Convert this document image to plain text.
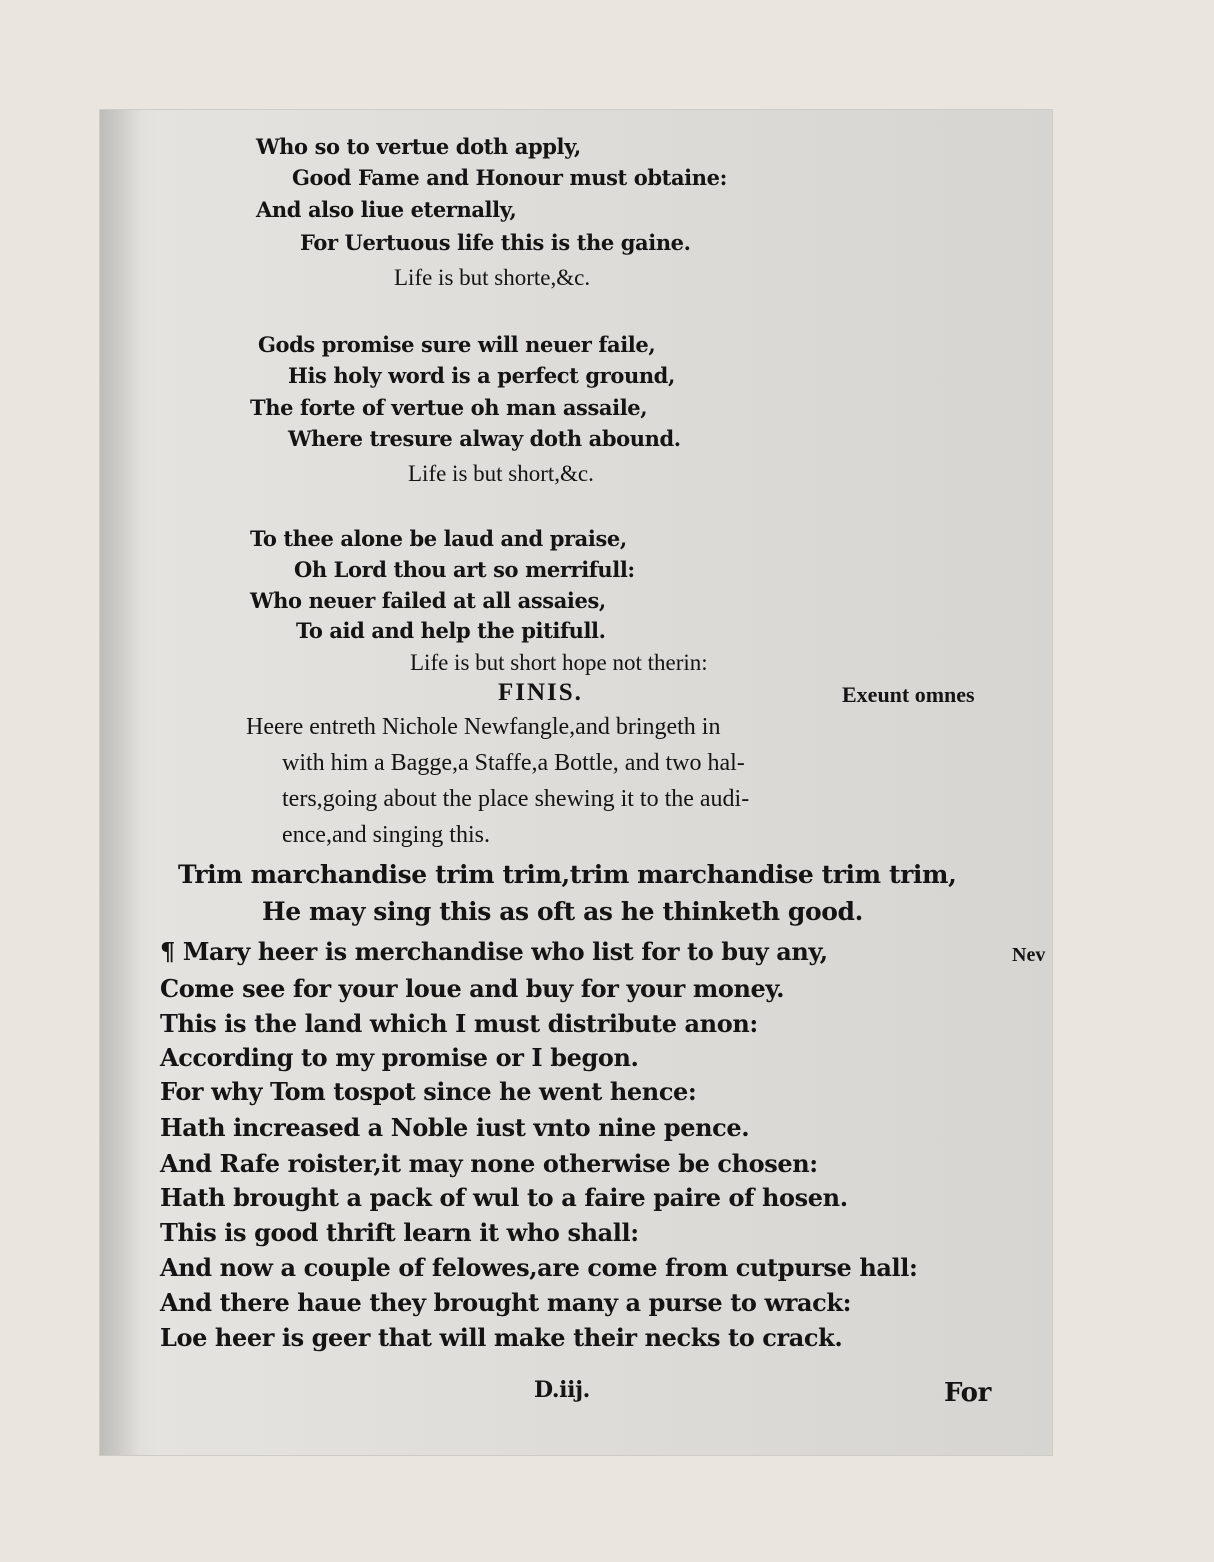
Who so to vertue doth apply,
Good Fame and Honour must obtaine:
And also liue eternally,
For Uertuous life this is the gaine.
Life is but shorte,&c.
Gods promise sure will neuer faile,
His holy word is a perfect ground,
The forte of vertue oh man assaile,
Where tresure alway doth abound.
Life is but short,&c.
To thee alone be laud and praise,
Oh Lord thou art so merrifull:
Who neuer failed at all assaies,
To aid and help the pitifull.
Life is but short hope not therin:
FINIS.	Exeunt omnes
Heere entreth Nichole Newfangle,and bringeth in
with him a Bagge,a Staffe,a Bottle, and two hal-
ters,going about the place shewing it to the audi-
ence,and singing this.
Trim marchandise trim trim,trim marchandise trim trim,
He may sing this as oft as he thinketh good.
Nev
¶ Mary heer is merchandise who list for to buy any,
Come see for your loue and buy for your money.
This is the land which I must distribute anon:
According to my promise or I begon.
For why Tom tospot since he went hence:
Hath increased a Noble iust vnto nine pence.
And Rafe roister,it may none otherwise be chosen:
Hath brought a pack of wul to a faire paire of hosen.
This is good thrift learn it who shall:
And now a couple of felowes,are come from cutpurse hall:
And there haue they brought many a purse to wrack:
Loe heer is geer that will make their necks to crack.
D.iij.	For
